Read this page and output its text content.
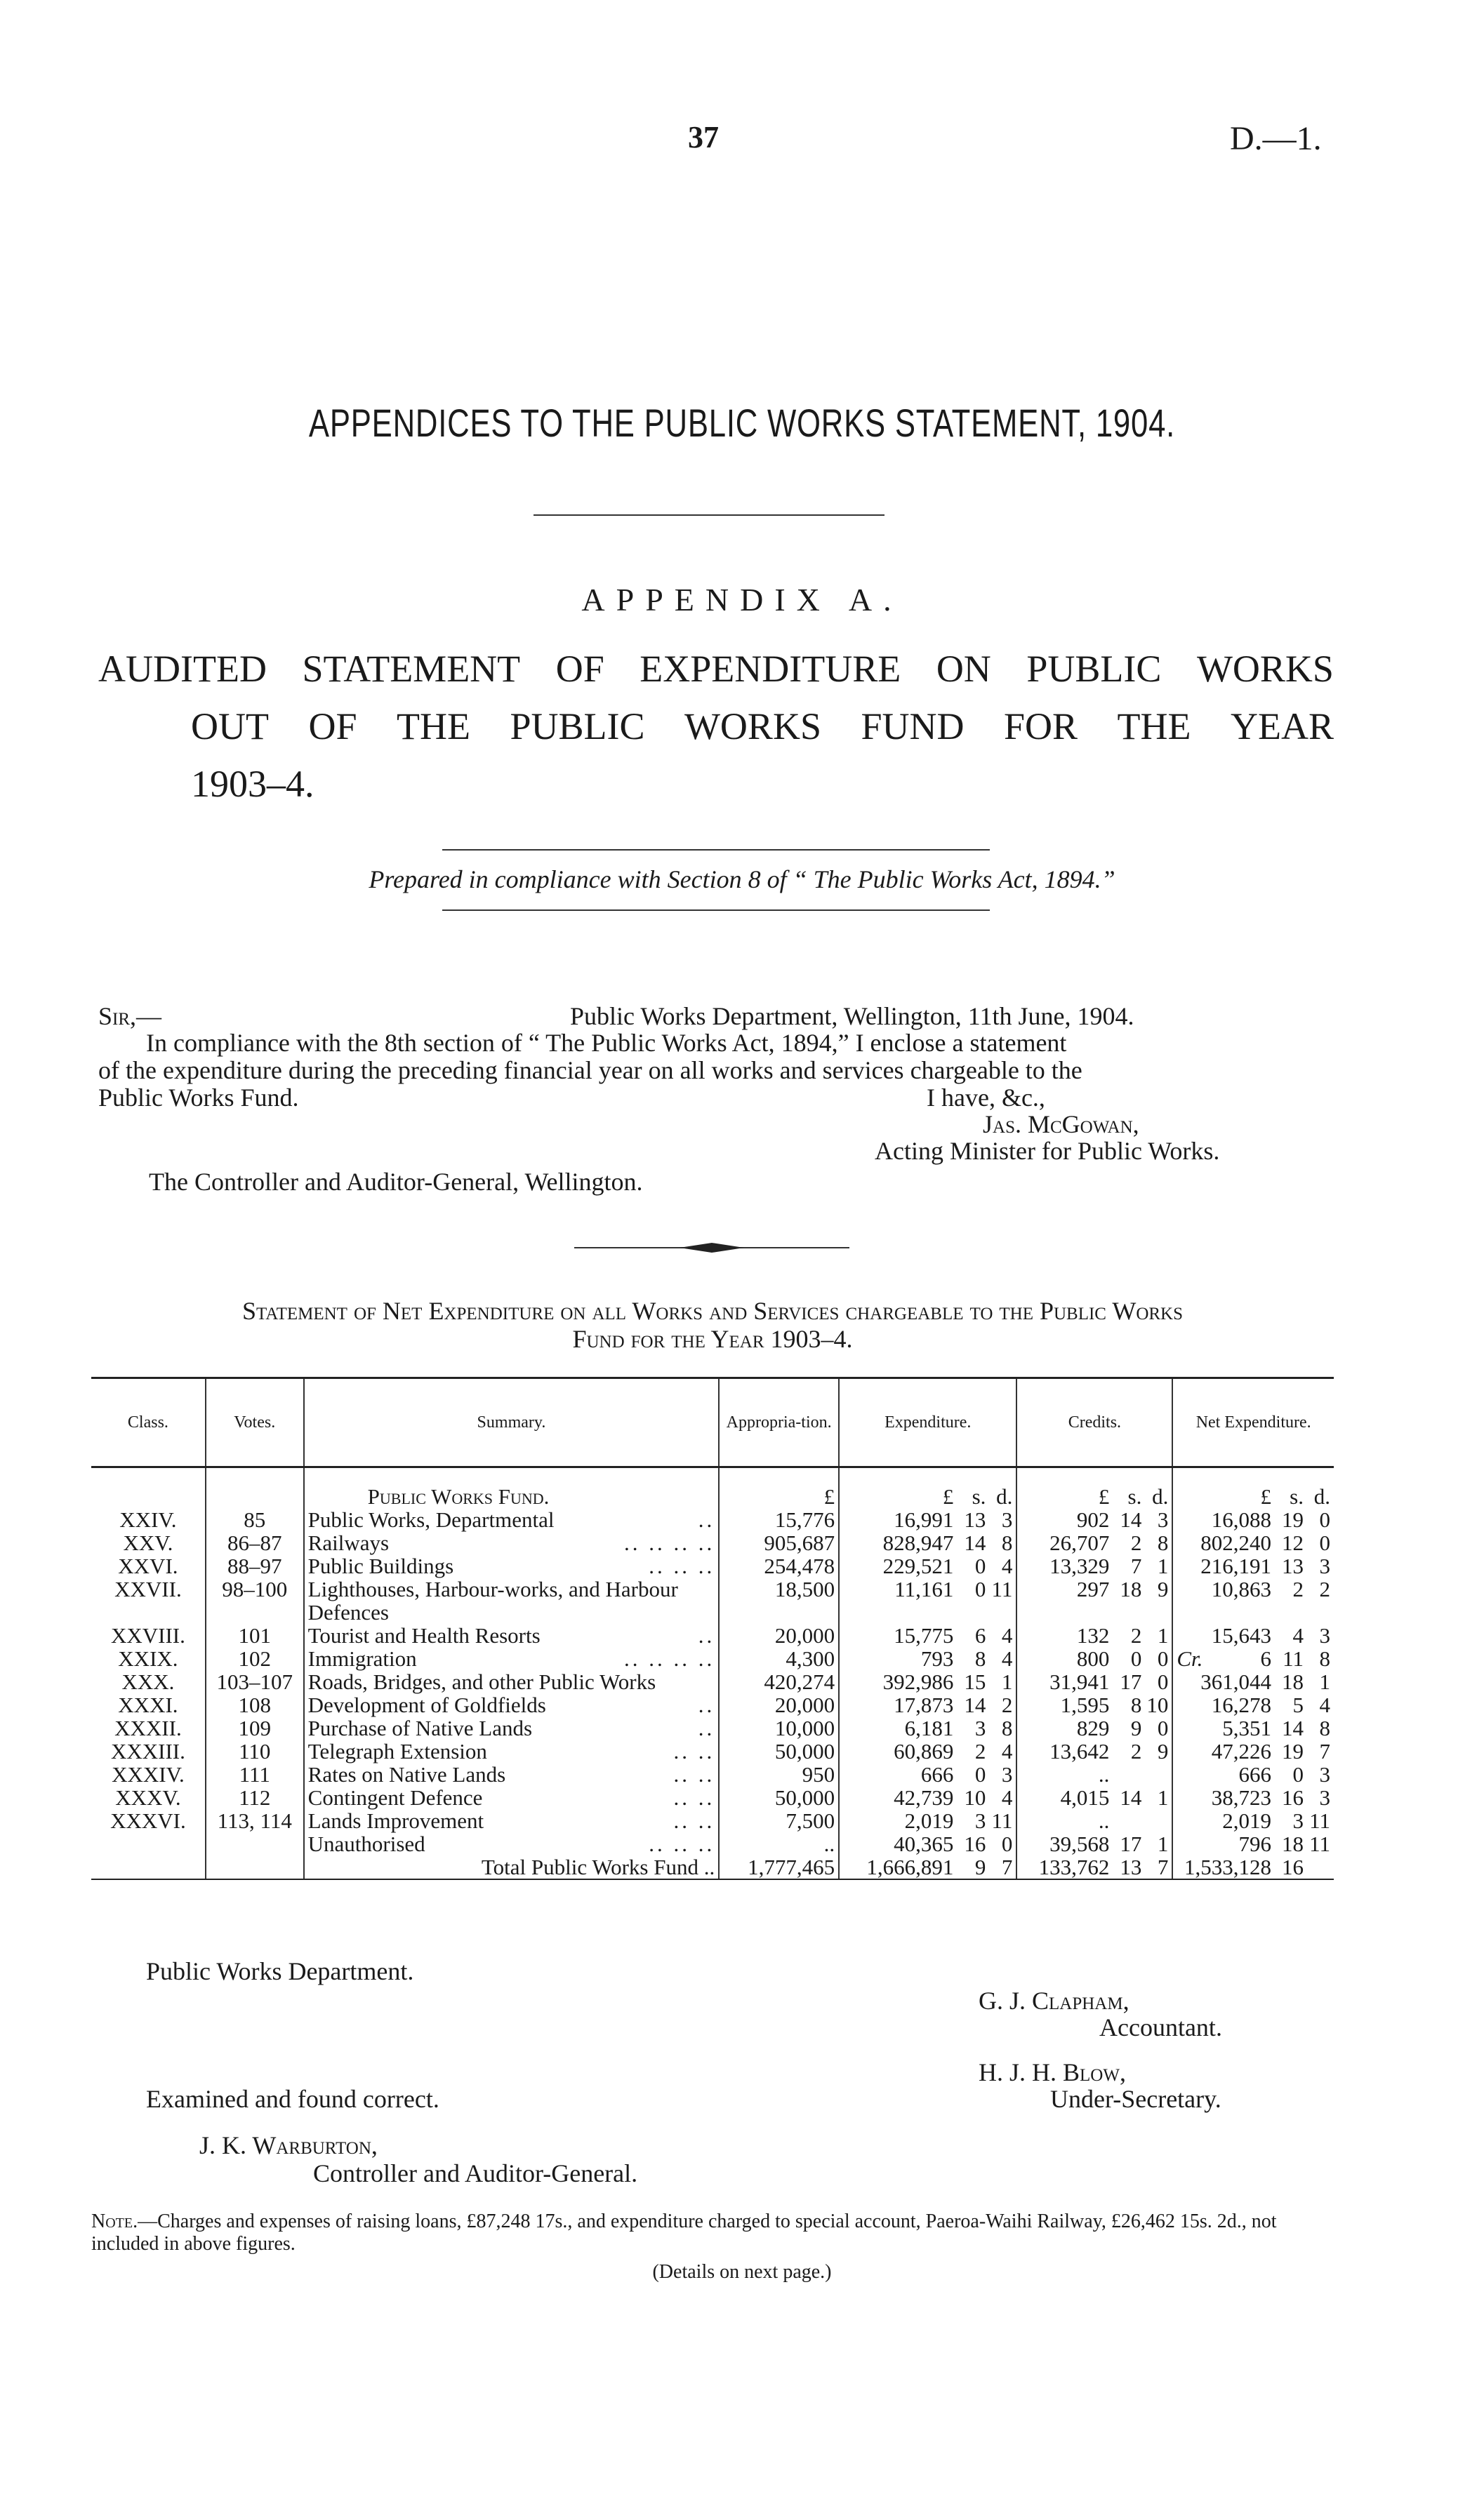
37	D.—1.
APPENDICES TO THE PUBLIC WORKS STATEMENT, 1904.
APPENDIX A.
AUDITED STATEMENT OF EXPENDITURE ON PUBLIC WORKS
OUT OF THE PUBLIC WORKS FUND FOR THE YEAR
1903–4.
Prepared in compliance with Section 8 of “ The Public Works Act, 1894.”
Sir,—	Public Works Department, Wellington, 11th June, 1904.
In compliance with the 8th section of “ The Public Works Act, 1894,” I enclose a statement
of the expenditure during the preceding financial year on all works and services chargeable to the
Public Works Fund.	I have, &c.,
Jas. McGowan,
Acting Minister for Public Works.
The Controller and Auditor-General, Wellington.
Statement of Net Expenditure on all Works and Services chargeable to the Public Works
Fund for the Year 1903–4.
Class.	Votes.	Summary.	Appropria-tion.	Expenditure.	Credits.	Net Expenditure.
		Public Works Fund.	£	£ s. d.	£ s. d.	£ s. d.

XXIV.	85	Public Works, Departmental ..	15,776	16,991 13 3	902 14 3	16,088 19 0

XXV.	86–87	Railways .. .. .. ..	905,687	828,947 14 8	26,707 2 8	802,240 12 0

XXVI.	88–97	Public Buildings .. .. ..	254,478	229,521 0 4	13,329 7 1	216,191 13 3

XXVII.	98–100	Lighthouses, Harbour-works, and Harbour Defences	18,500	11,161 0 11	297 18 9	10,863 2 2

XXVIII.	101	Tourist and Health Resorts ..	20,000	15,775 6 4	132 2 1	15,643 4 3

XXIX.	102	Immigration .. .. .. ..	4,300	793 8 4	800 0 0	Cr. 6 11 8

XXX.	103–107	Roads, Bridges, and other Public Works	420,274	392,986 15 1	31,941 17 0	361,044 18 1

XXXI.	108	Development of Goldfields ..	20,000	17,873 14 2	1,595 8 10	16,278 5 4

XXXII.	109	Purchase of Native Lands ..	10,000	6,181 3 8	829 9 0	5,351 14 8

XXXIII.	110	Telegraph Extension .. ..	50,000	60,869 2 4	13,642 2 9	47,226 19 7

XXXIV.	111	Rates on Native Lands .. ..	950	666 0 3	..	666 0 3

XXXV.	112	Contingent Defence .. ..	50,000	42,739 10 4	4,015 14 1	38,723 16 3

XXXVI.	113, 114	Lands Improvement .. ..	7,500	2,019 3 11	..	2,019 3 11

		Unauthorised .. .. ..	..	40,365 16 0	39,568 17 1	796 18 11

		Total Public Works Fund ..	1,777,465	1,666,891 9 7	133,762 13 7	1,533,128 16
Public Works Department.
G. J. Clapham,
Accountant.
H. J. H. Blow,
Under-Secretary.
Examined and found correct.
J. K. Warburton,
Controller and Auditor-General.
Note.—Charges and expenses of raising loans, £87,248 17s., and expenditure charged to special account, Paeroa-Waihi Railway, £26,462 15s. 2d., not included in above figures.
(Details on next page.)
